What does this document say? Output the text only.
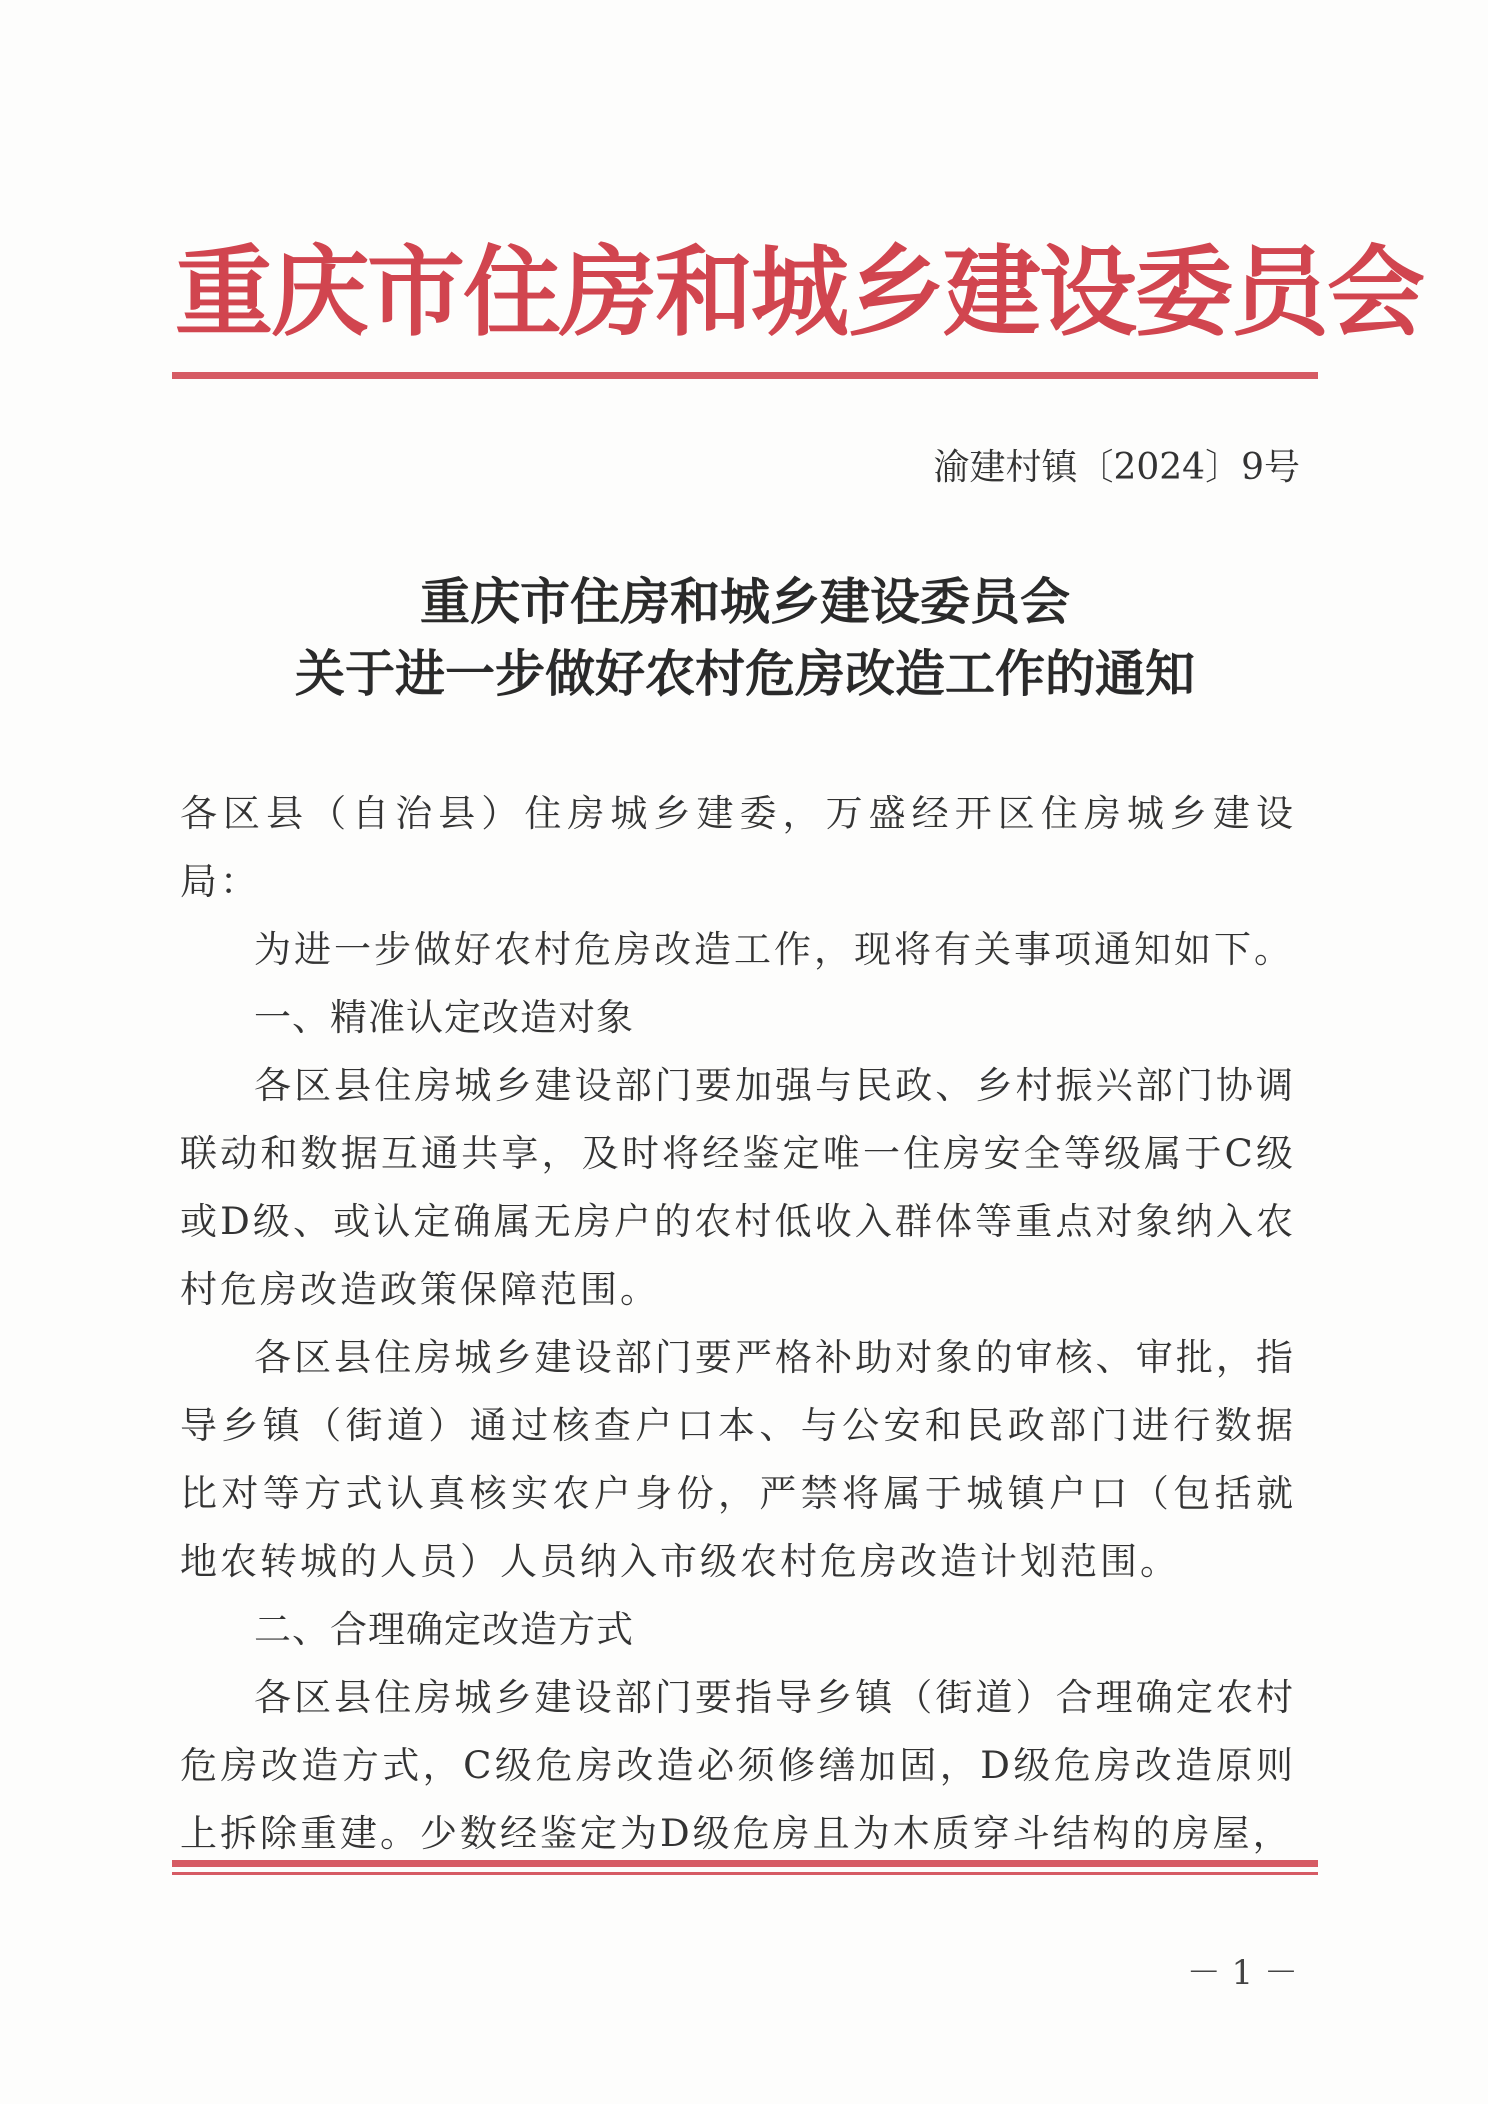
重庆市住房和城乡建设委员会
渝建村镇〔2024〕9号
重庆市住房和城乡建设委员会
关于进一步做好农村危房改造工作的通知

各区县（自治县）住房城乡建委，万盛经开区住房城乡建设局：

为进一步做好农村危房改造工作，现将有关事项通知如下。

一、精准认定改造对象

各区县住房城乡建设部门要加强与民政、乡村振兴部门协调联动和数据互通共享，及时将经鉴定唯一住房安全等级属于C级或D级、或认定确属无房户的农村低收入群体等重点对象纳入农村危房改造政策保障范围。

各区县住房城乡建设部门要严格补助对象的审核、审批，指导乡镇（街道）通过核查户口本、与公安和民政部门进行数据比对等方式认真核实农户身份，严禁将属于城镇户口（包括就地农转城的人员）人员纳入市级农村危房改造计划范围。

二、合理确定改造方式

各区县住房城乡建设部门要指导乡镇（街道）合理确定农村危房改造方式，C级危房改造必须修缮加固，D级危房改造原则上拆除重建。少数经鉴定为D级危房且为木质穿斗结构的房屋，

－ 1 －
